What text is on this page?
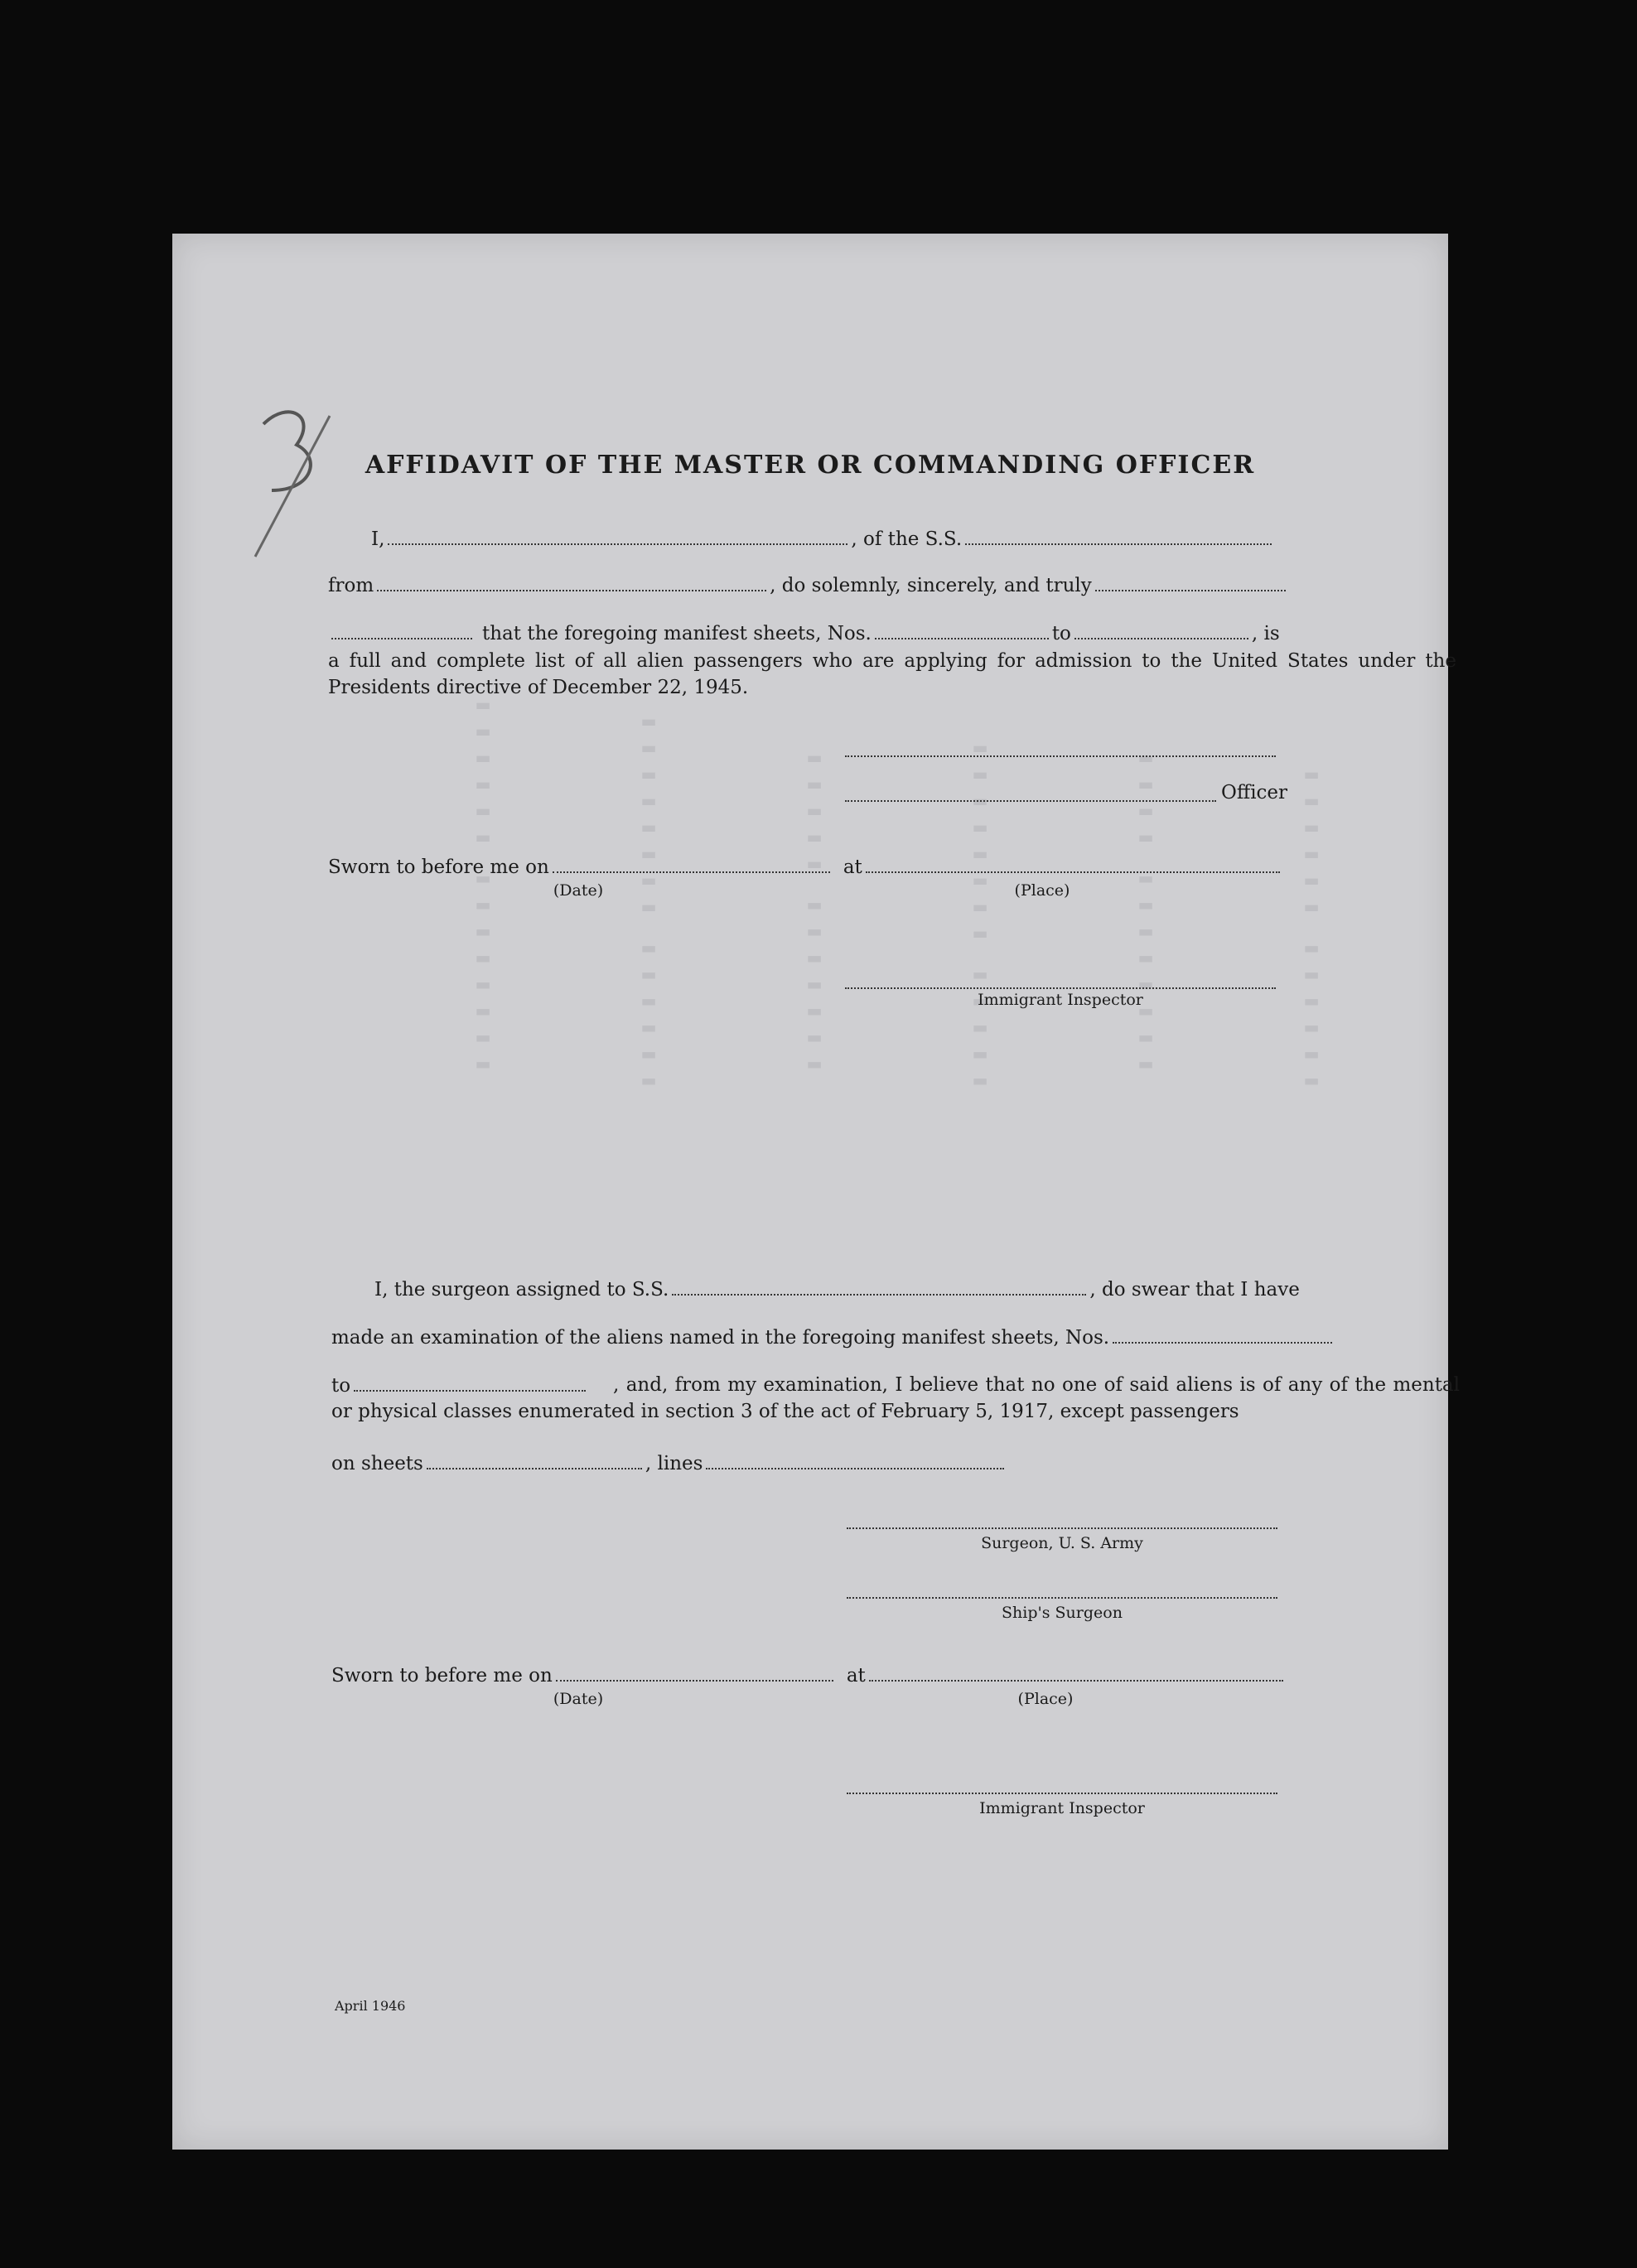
▬▬▬▬▬▬▬▬ ▬▬▬▬▬▬	▬▬▬▬▬▬ ▬▬▬▬▬▬▬▬	▬▬▬▬▬▬▬ ▬▬▬▬▬	▬▬▬▬▬ ▬▬▬▬▬▬▬▬	▬▬▬▬▬▬▬▬ ▬▬▬▬	▬▬▬▬▬▬ ▬▬▬▬▬▬
AFFIDAVIT OF THE MASTER OR COMMANDING OFFICER
I,	, of the S.S.
from	, do solemnly, sincerely, and truly
that the foregoing manifest sheets, Nos.	to	, is
a full and complete list of all alien passengers who are applying for admission to the United States under the Presidents directive of December 22, 1945.
Officer
Sworn to before me on	at
(Date)	(Place)
Immigrant Inspector
I, the surgeon assigned to S.S.	, do swear that I have
made an examination of the aliens named in the foregoing manifest sheets, Nos.
to	, and, from my examination, I believe that no one of said aliens is of any of the mental or physical classes enumerated in section 3 of the act of February 5, 1917, except passengers
on sheets	, lines
Surgeon, U. S. Army
Ship's Surgeon
Sworn to before me on	at
(Date)	(Place)
Immigrant Inspector
April 1946
